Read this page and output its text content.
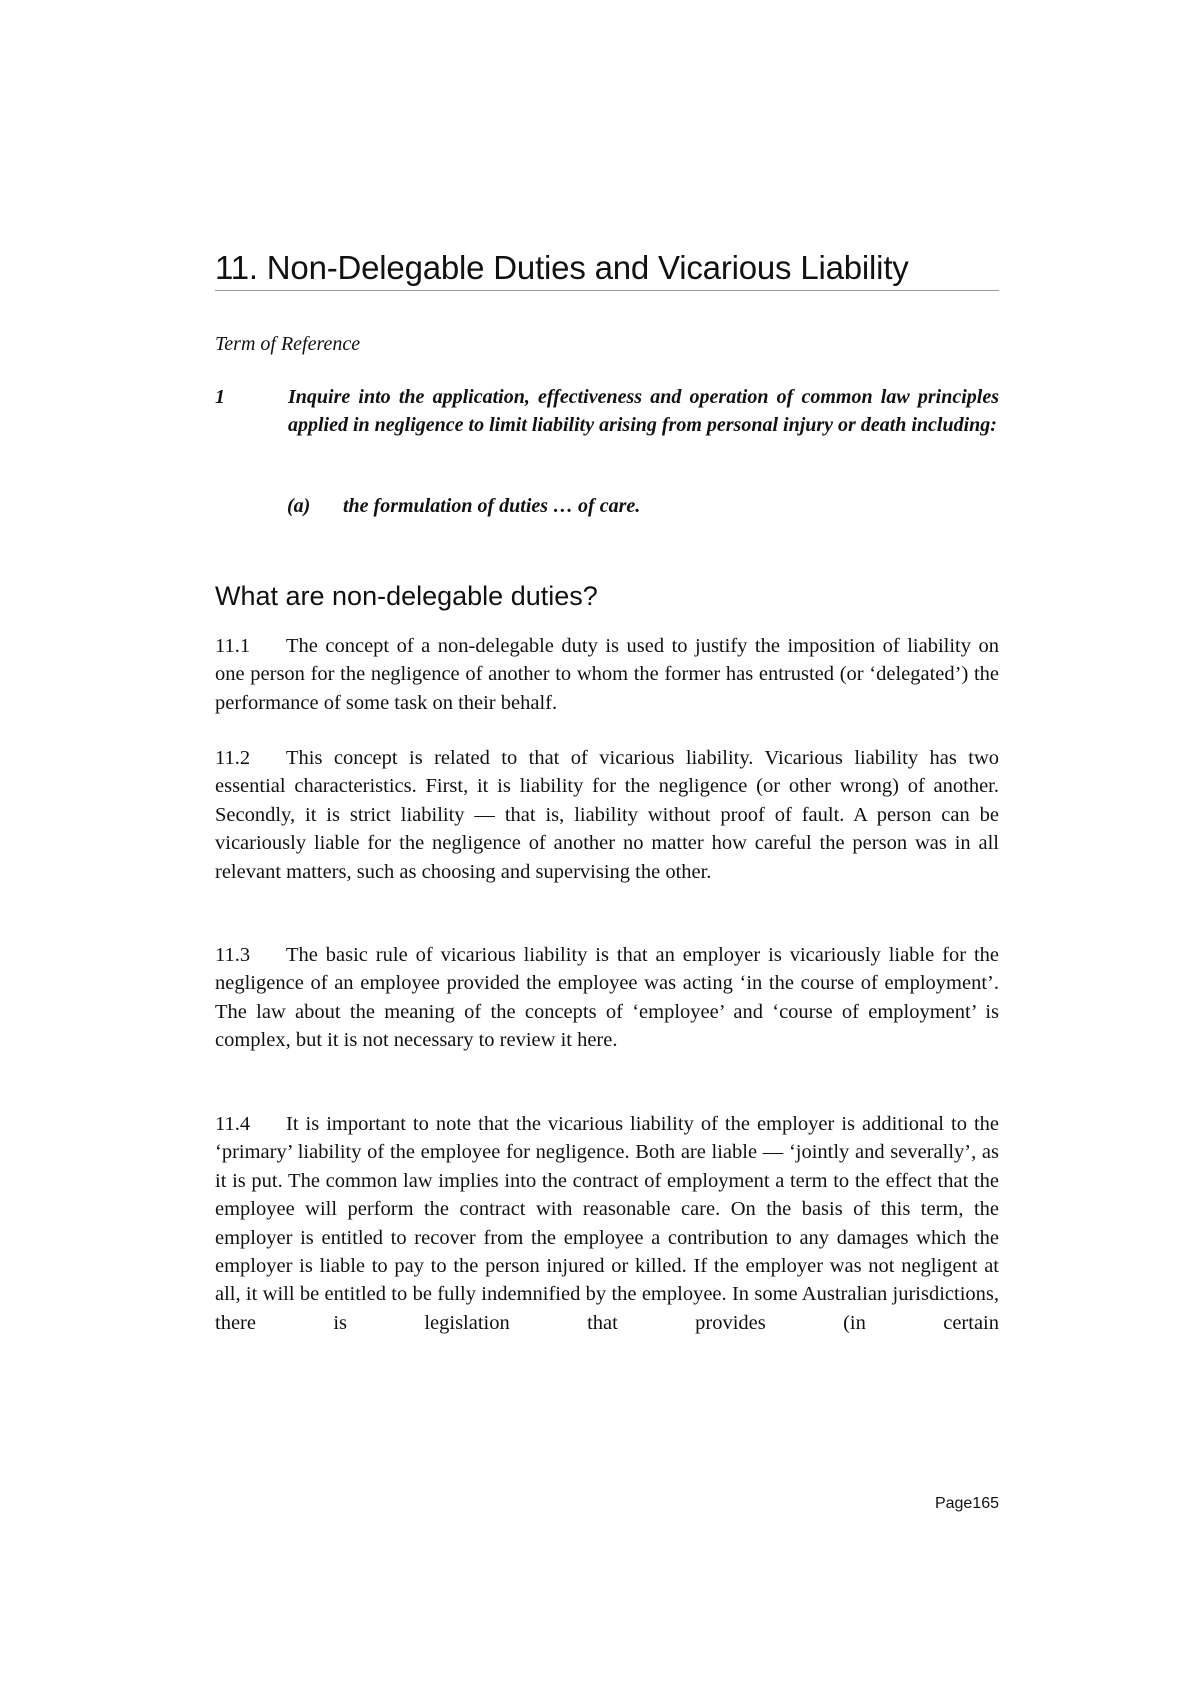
11. Non-Delegable Duties and Vicarious Liability
Term of Reference
1	Inquire into the application, effectiveness and operation of common law principles applied in negligence to limit liability arising from personal injury or death including:
(a) the formulation of duties … of care.
What are non-delegable duties?

11.1 The concept of a non-delegable duty is used to justify the imposition of liability on one person for the negligence of another to whom the former has entrusted (or ‘delegated’) the performance of some task on their behalf.

11.2 This concept is related to that of vicarious liability. Vicarious liability has two essential characteristics. First, it is liability for the negligence (or other wrong) of another. Secondly, it is strict liability — that is, liability without proof of fault. A person can be vicariously liable for the negligence of another no matter how careful the person was in all relevant matters, such as choosing and supervising the other.

11.3 The basic rule of vicarious liability is that an employer is vicariously liable for the negligence of an employee provided the employee was acting ‘in the course of employment’. The law about the meaning of the concepts of ‘employee’ and ‘course of employment’ is complex, but it is not necessary to review it here.

11.4 It is important to note that the vicarious liability of the employer is additional to the ‘primary’ liability of the employee for negligence. Both are liable — ‘jointly and severally’, as it is put. The common law implies into the contract of employment a term to the effect that the employee will perform the contract with reasonable care. On the basis of this term, the employer is entitled to recover from the employee a contribution to any damages which the employer is liable to pay to the person injured or killed. If the employer was not negligent at all, it will be entitled to be fully indemnified by the employee. In some Australian jurisdictions, there is legislation that provides (in certain

Page165
